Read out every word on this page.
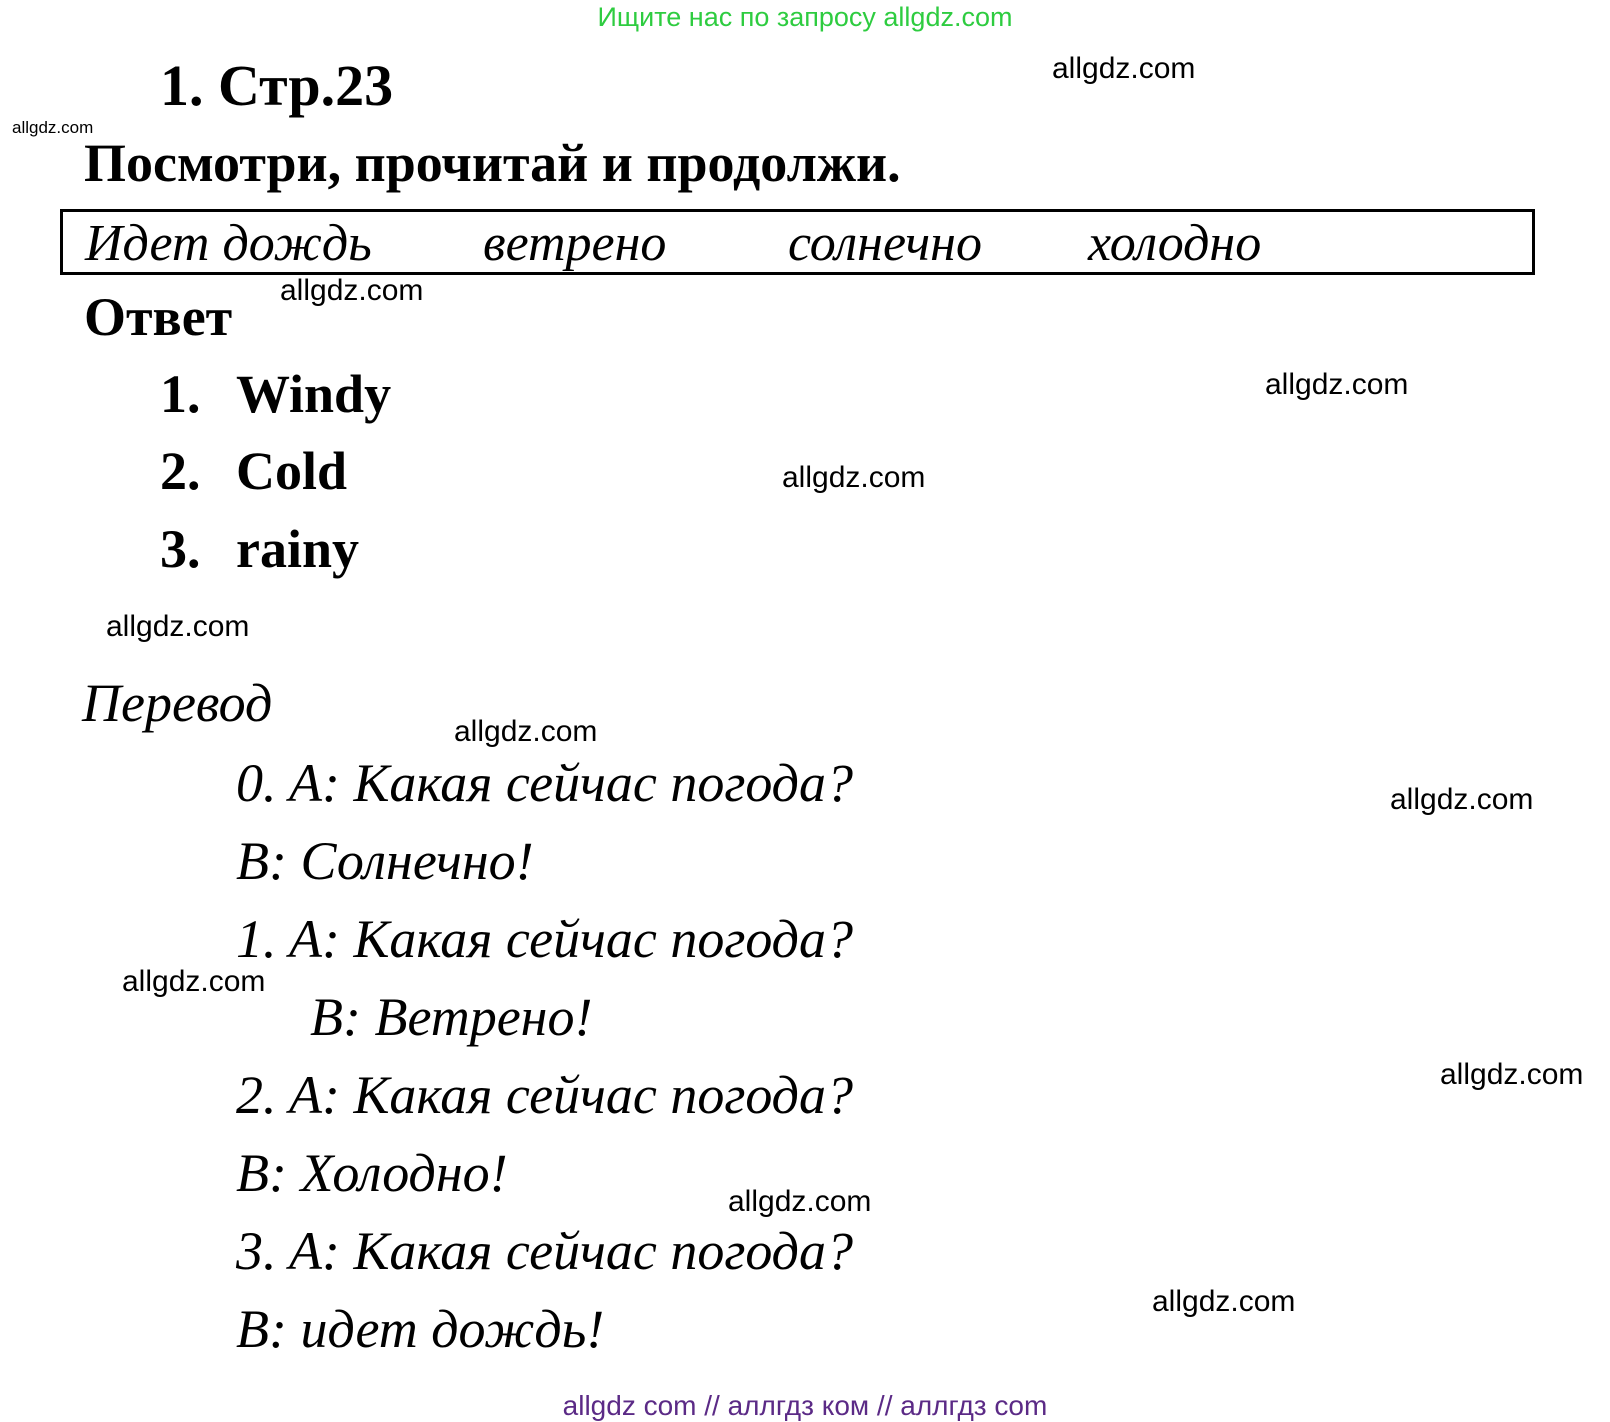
Ищите нас по запросу allgdz.com
1. Стр.23
Посмотри, прочитай и продолжи.
Идет дождь ветрено солнечно холодно
Ответ
1. Windy
2. Cold
3. rainy
Перевод
0. A: Какая сейчас погода?
B: Солнечно!
1. A: Какая сейчас погода?
B: Ветрено!
2. A: Какая сейчас погода?
B: Холодно!
3. A: Какая сейчас погода?
B: идет дождь!
allgdz.com
allgdz.com
allgdz.com
allgdz.com
allgdz.com
allgdz.com
allgdz.com
allgdz.com
allgdz.com
allgdz.com
allgdz.com
allgdz.com
allgdz com // аллгдз ком // аллгдз com
